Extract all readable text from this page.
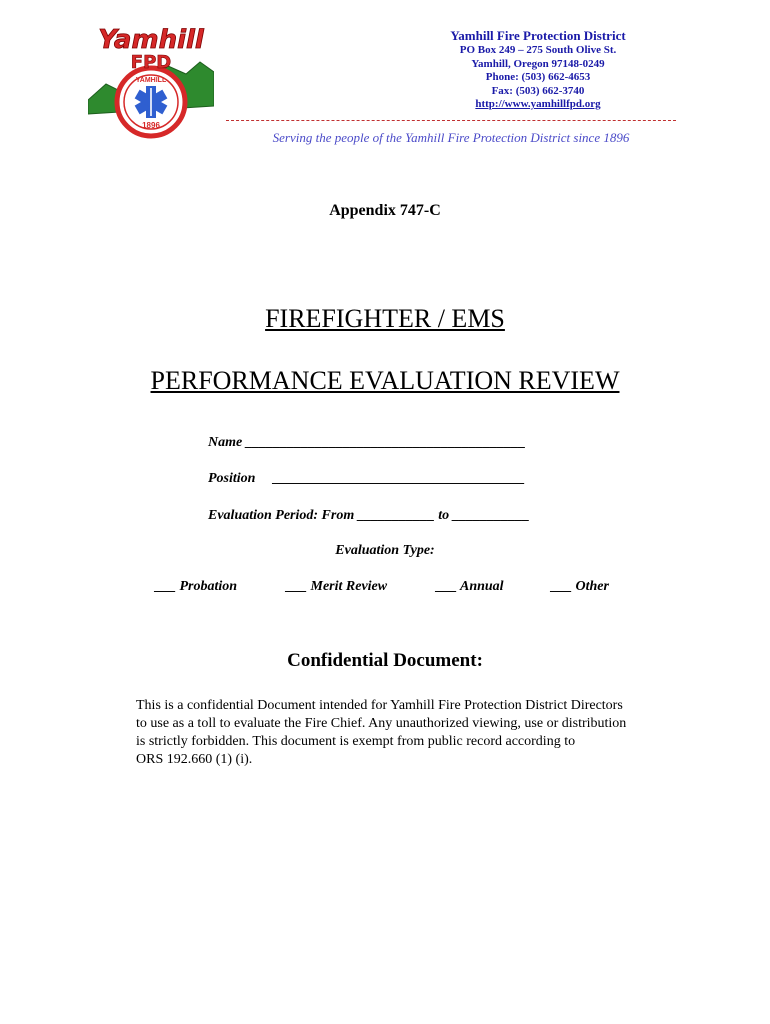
YAMHILL
1896
Yamhill
FPD
Yamhill Fire Protection District
PO Box 249 – 275 South Olive St.
Yamhill, Oregon 97148-0249
Phone: (503) 662-4653
Fax: (503) 662-3740
http://www.yamhillfpd.org
Serving the people of the Yamhill Fire Protection District since 1896
Appendix 747-C
FIREFIGHTER / EMS
PERFORMANCE EVALUATION REVIEW
Name ________________________________________
Position     ____________________________________
Evaluation Period: From ___________ to ___________
Evaluation Type:
___ Probation	___ Merit Review	___ Annual	___ Other
Confidential Document:
This is a confidential Document intended for Yamhill Fire Protection District Directors
to use as a toll to evaluate the Fire Chief. Any unauthorized viewing, use or distribution
is strictly forbidden. This document is exempt from public record according to
ORS 192.660 (1) (i).
